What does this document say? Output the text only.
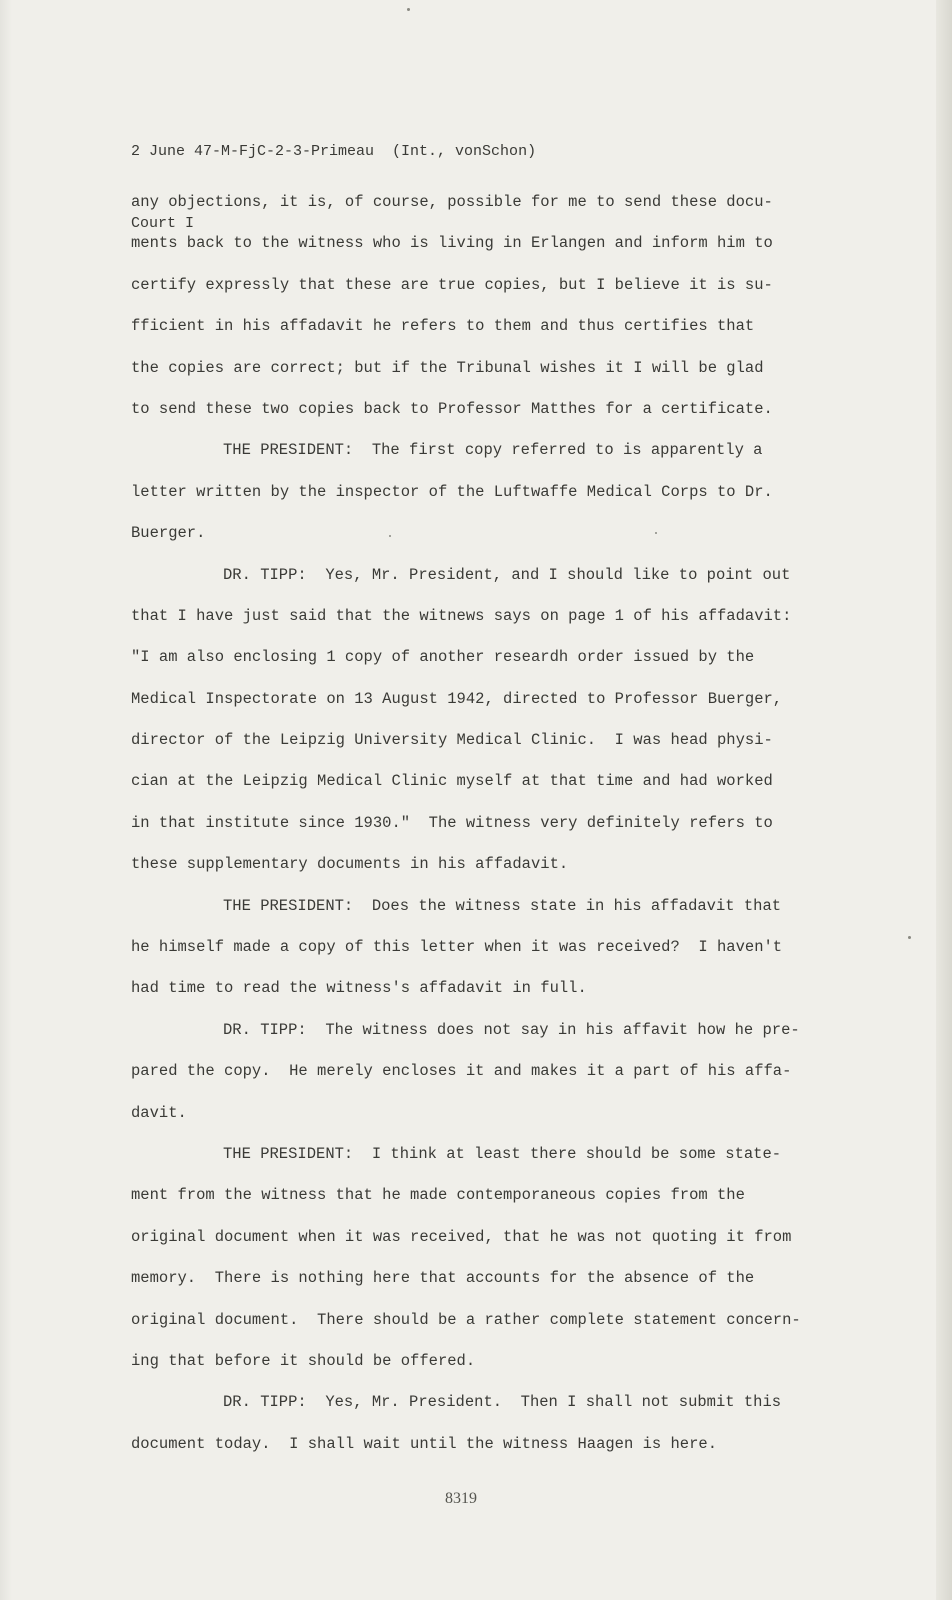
2 June 47-M-FjC-2-3-Primeau  (Int., vonSchon)

Court I

any objections, it is, of course, possible for me to send these docu-
ments back to the witness who is living in Erlangen and inform him to
certify expressly that these are true copies, but I believe it is su-
fficient in his affadavit he refers to them and thus certifies that
the copies are correct; but if the Tribunal wishes it I will be glad
to send these two copies back to Professor Matthes for a certificate.
THE PRESIDENT:  The first copy referred to is apparently a
letter written by the inspector of the Luftwaffe Medical Corps to Dr.
Buerger.
DR. TIPP:  Yes, Mr. President, and I should like to point out
that I have just said that the witnews says on page 1 of his affadavit:
"I am also enclosing 1 copy of another researdh order issued by the
Medical Inspectorate on 13 August 1942, directed to Professor Buerger,
director of the Leipzig University Medical Clinic.  I was head physi-
cian at the Leipzig Medical Clinic myself at that time and had worked
in that institute since 1930."  The witness very definitely refers to
these supplementary documents in his affadavit.
THE PRESIDENT:  Does the witness state in his affadavit that
he himself made a copy of this letter when it was received?  I haven't
had time to read the witness's affadavit in full.
DR. TIPP:  The witness does not say in his affavit how he pre-
pared the copy.  He merely encloses it and makes it a part of his affa-
davit.
THE PRESIDENT:  I think at least there should be some state-
ment from the witness that he made contemporaneous copies from the
original document when it was received, that he was not quoting it from
memory.  There is nothing here that accounts for the absence of the
original document.  There should be a rather complete statement concern-
ing that before it should be offered.
DR. TIPP:  Yes, Mr. President.  Then I shall not submit this
document today.  I shall wait until the witness Haagen is here.
8319
